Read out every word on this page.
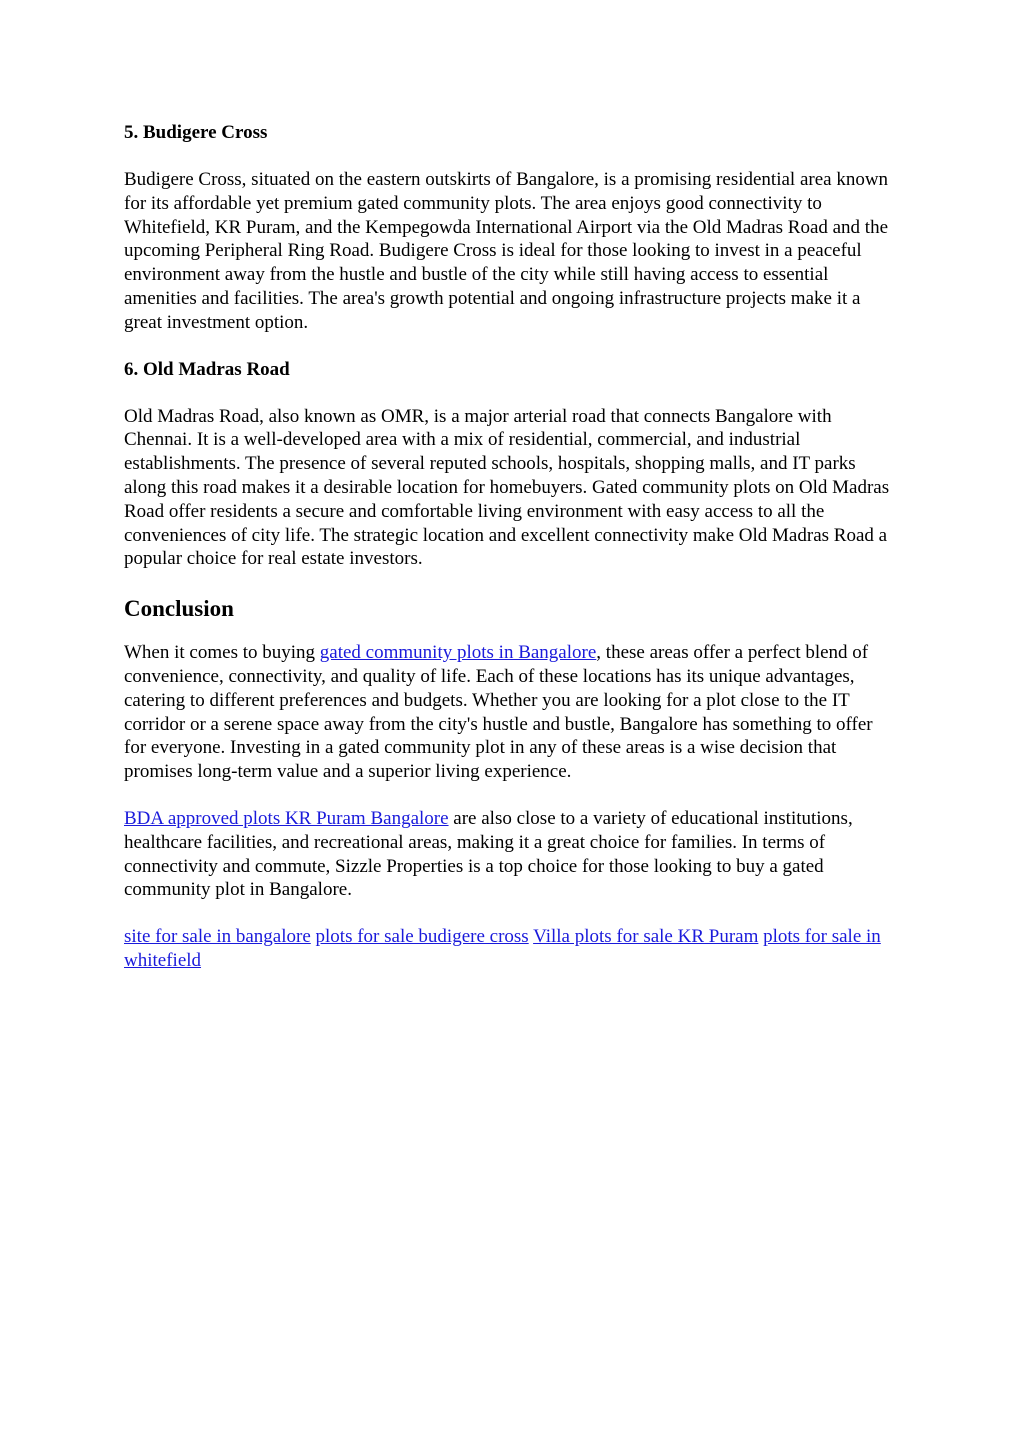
5. Budigere Cross

Budigere Cross, situated on the eastern outskirts of Bangalore, is a promising residential area known for its affordable yet premium gated community plots. The area enjoys good connectivity to Whitefield, KR Puram, and the Kempegowda International Airport via the Old Madras Road and the upcoming Peripheral Ring Road. Budigere Cross is ideal for those looking to invest in a peaceful environment away from the hustle and bustle of the city while still having access to essential amenities and facilities. The area's growth potential and ongoing infrastructure projects make it a great investment option.

6. Old Madras Road

Old Madras Road, also known as OMR, is a major arterial road that connects Bangalore with Chennai. It is a well-developed area with a mix of residential, commercial, and industrial establishments. The presence of several reputed schools, hospitals, shopping malls, and IT parks along this road makes it a desirable location for homebuyers. Gated community plots on Old Madras Road offer residents a secure and comfortable living environment with easy access to all the conveniences of city life. The strategic location and excellent connectivity make Old Madras Road a popular choice for real estate investors.

Conclusion

When it comes to buying gated community plots in Bangalore, these areas offer a perfect blend of convenience, connectivity, and quality of life. Each of these locations has its unique advantages, catering to different preferences and budgets. Whether you are looking for a plot close to the IT corridor or a serene space away from the city's hustle and bustle, Bangalore has something to offer for everyone. Investing in a gated community plot in any of these areas is a wise decision that promises long-term value and a superior living experience.

BDA approved plots KR Puram Bangalore are also close to a variety of educational institutions, healthcare facilities, and recreational areas, making it a great choice for families. In terms of connectivity and commute, Sizzle Properties is a top choice for those looking to buy a gated community plot in Bangalore.

site for sale in bangalore plots for sale budigere cross Villa plots for sale KR Puram plots for sale in whitefield
